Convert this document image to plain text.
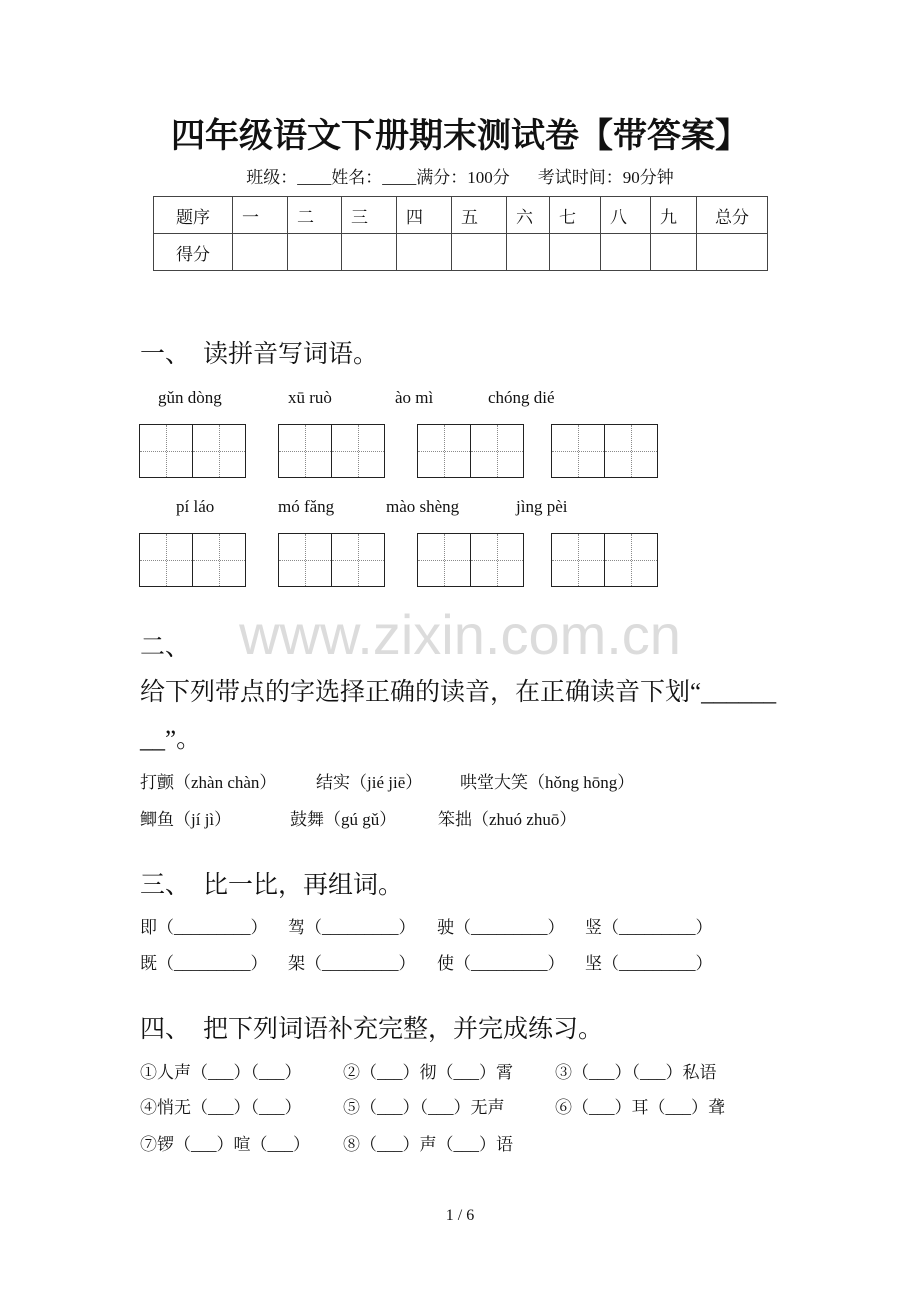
www.zixin.com.cn
四年级语文下册期末测试卷【带答案】
班级：____姓名：____满分：100分 考试时间：90分钟
题序	一	二	三	四	五	六	七	八	九	总分
得分										
一、 读拼音写词语。
gǔn dòng	xū ruò	ào mì	chóng dié
pí láo	mó fǎng	mào shèng	jìng pèi
二、
给下列带点的字选择正确的读音，在正确读音下划“______
__”。
打颤（zhàn chàn） 结实（jié jiē） 哄堂大笑（hǒng hōng）
鲫鱼（jí jì）	鼓舞（gú gǔ） 笨拙（zhuó zhuō）
三、 比一比，再组词。
即（_________） 驾（_________） 驶（_________） 竖（_________）
既（_________） 架（_________） 使（_________） 坚（_________）
四、 把下列词语补充完整，并完成练习。
①人声（___）（___） ②（___）彻（___）霄 ③（___）（___）私语
④悄无（___）（___） ⑤（___）（___）无声	⑥（___）耳（___）聋
⑦锣（___）喧（___） ⑧（___）声（___）语
1 / 6
